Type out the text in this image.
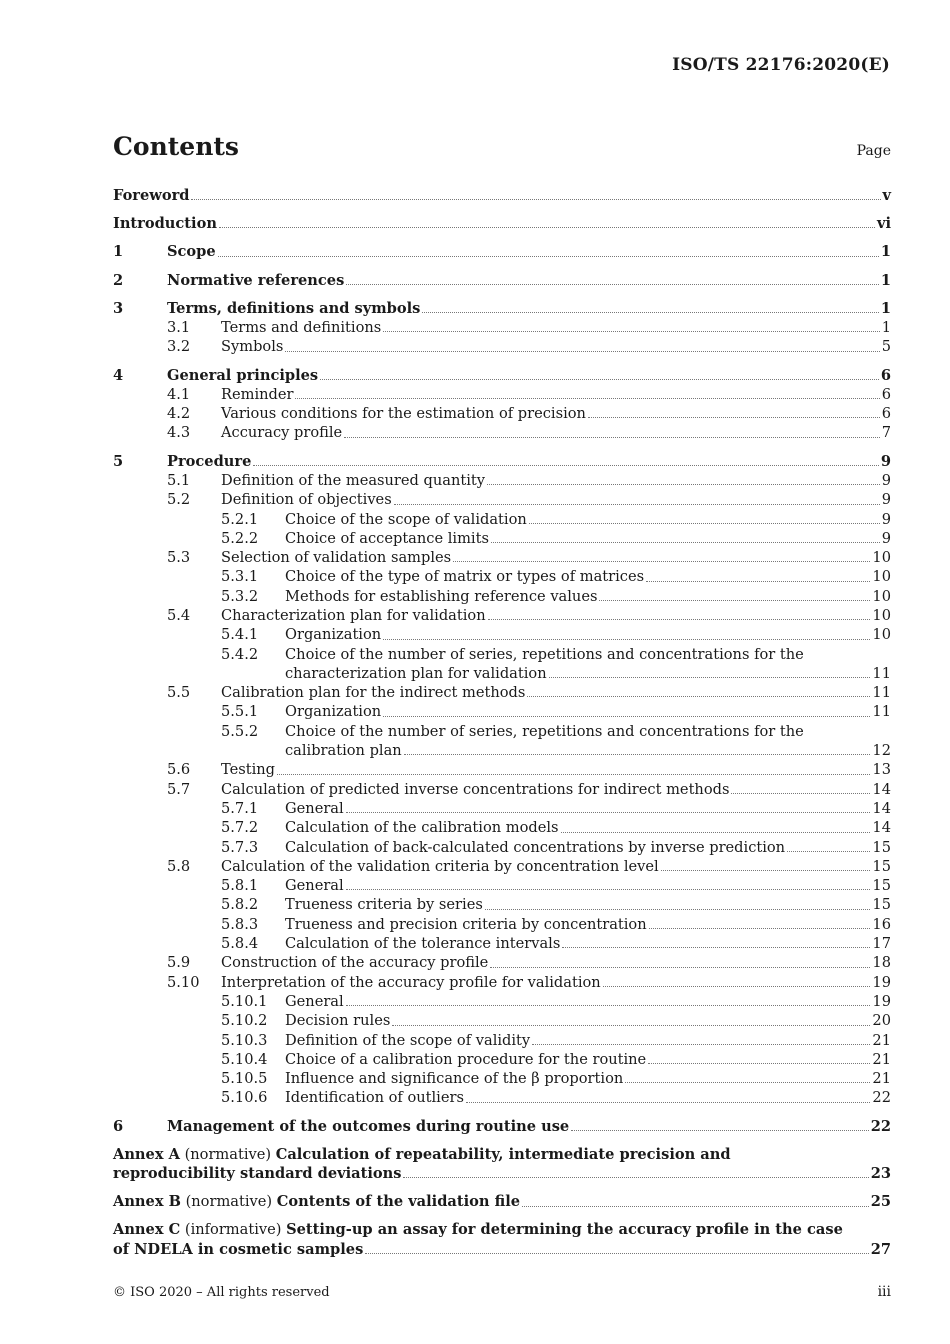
ISO/TS 22176:2020(E)
Contents	Page
Foreword	v
Introduction	vi
1	Scope	1
2	Normative references	1
3	Terms, definitions and symbols	1
3.1	Terms and definitions	1
3.2	Symbols	5
4	General principles	6
4.1	Reminder	6
4.2	Various conditions for the estimation of precision	6
4.3	Accuracy profile	7
5	Procedure	9
5.1	Definition of the measured quantity	9
5.2	Definition of objectives	9
5.2.1	Choice of the scope of validation	9
5.2.2	Choice of acceptance limits	9
5.3	Selection of validation samples	10
5.3.1	Choice of the type of matrix or types of matrices	10
5.3.2	Methods for establishing reference values	10
5.4	Characterization plan for validation	10
5.4.1	Organization	10
5.4.2	Choice of the number of series, repetitions and concentrations for the
characterization plan for validation	11
5.5	Calibration plan for the indirect methods	11
5.5.1	Organization	11
5.5.2	Choice of the number of series, repetitions and concentrations for the
calibration plan	12
5.6	Testing	13
5.7	Calculation of predicted inverse concentrations for indirect methods	14
5.7.1	General	14
5.7.2	Calculation of the calibration models	14
5.7.3	Calculation of back-calculated concentrations by inverse prediction	15
5.8	Calculation of the validation criteria by concentration level	15
5.8.1	General	15
5.8.2	Trueness criteria by series	15
5.8.3	Trueness and precision criteria by concentration	16
5.8.4	Calculation of the tolerance intervals	17
5.9	Construction of the accuracy profile	18
5.10	Interpretation of the accuracy profile for validation	19
5.10.1	General	19
5.10.2	Decision rules	20
5.10.3	Definition of the scope of validity	21
5.10.4	Choice of a calibration procedure for the routine	21
5.10.5	Influence and significance of the β proportion	21
5.10.6	Identification of outliers	22
6	Management of the outcomes during routine use	22
Annex A (normative) Calculation of repeatability, intermediate precision and
reproducibility standard deviations	23
Annex B (normative) Contents of the validation file	25
Annex C (informative) Setting-up an assay for determining the accuracy profile in the case
of NDELA in cosmetic samples	27
© ISO 2020 – All rights reserved	iii
